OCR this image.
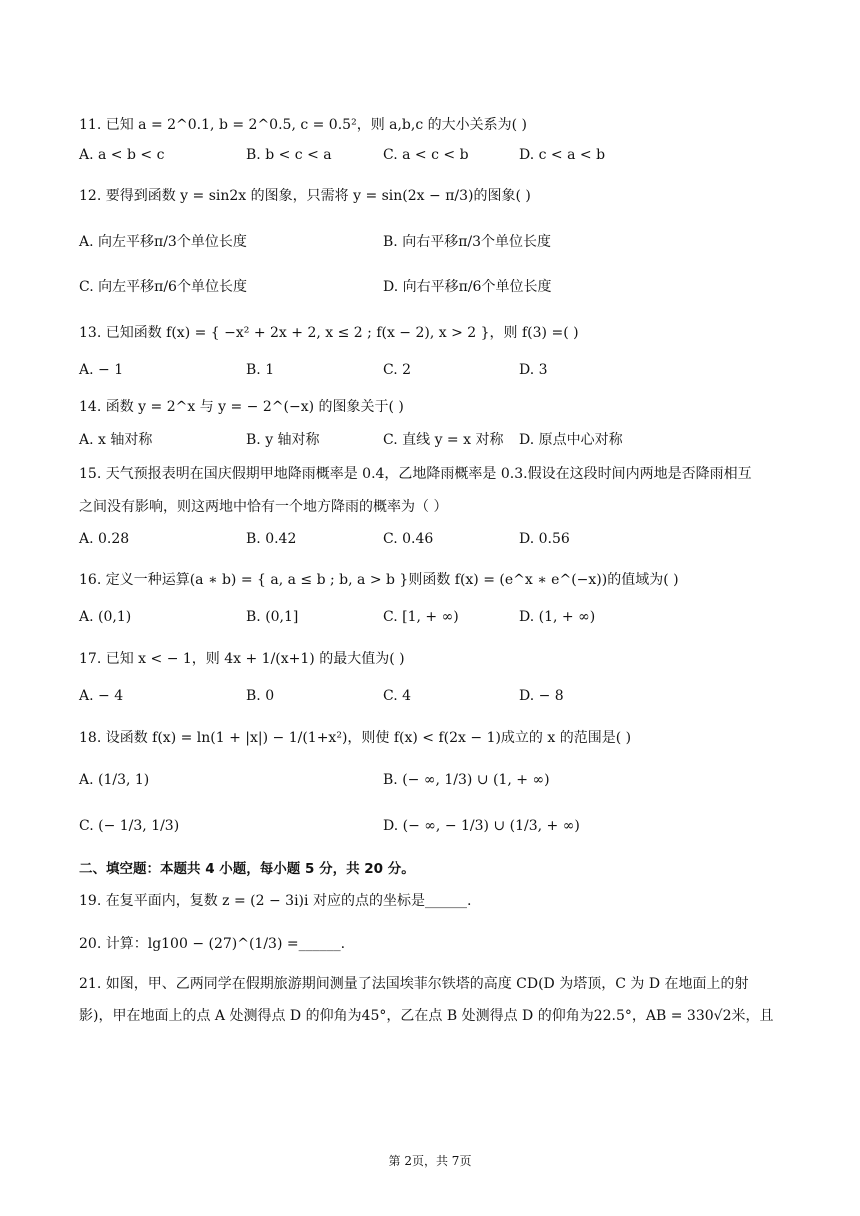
11. 已知 a = 2^0.1, b = 2^0.5, c = 0.5²，则 a,b,c 的大小关系为( )
A. a < b < c	B. b < c < a	C. a < c < b	D. c < a < b
12. 要得到函数 y = sin2x 的图象，只需将 y = sin(2x − π/3)的图象( )
A. 向左平移π/3个单位长度	B. 向右平移π/3个单位长度
C. 向左平移π/6个单位长度	D. 向右平移π/6个单位长度
13. 已知函数 f(x) = { −x² + 2x + 2, x ≤ 2 ; f(x − 2), x > 2 }，则 f(3) =( )
A. − 1	B. 1	C. 2	D. 3
14. 函数 y = 2^x 与 y = − 2^(−x) 的图象关于( )
A. x 轴对称	B. y 轴对称	C. 直线 y = x 对称 D. 原点中心对称
15. 天气预报表明在国庆假期甲地降雨概率是 0.4，乙地降雨概率是 0.3.假设在这段时间内两地是否降雨相互
之间没有影响，则这两地中恰有一个地方降雨的概率为（ ）
A. 0.28	B. 0.42	C. 0.46	D. 0.56
16. 定义一种运算(a ∗ b) = { a, a ≤ b ; b, a > b }则函数 f(x) = (e^x ∗ e^(−x))的值域为( )
A. (0,1)	B. (0,1]	C. [1, + ∞)	D. (1, + ∞)
17. 已知 x < − 1，则 4x + 1/(x+1) 的最大值为( )
A. − 4	B. 0	C. 4	D. − 8
18. 设函数 f(x) = ln(1 + |x|) − 1/(1+x²)，则使 f(x) < f(2x − 1)成立的 x 的范围是( )
A. (1/3, 1)	B. (− ∞, 1/3) ∪ (1, + ∞)
C. (− 1/3, 1/3)	D. (− ∞, − 1/3) ∪ (1/3, + ∞)
二、填空题：本题共 4 小题，每小题 5 分，共 20 分。
19. 在复平面内，复数 z = (2 − 3i)i 对应的点的坐标是______.
20. 计算：lg100 − (27)^(1/3) =______.
21. 如图，甲、乙两同学在假期旅游期间测量了法国埃菲尔铁塔的高度 CD(D 为塔顶，C 为 D 在地面上的射
影)，甲在地面上的点 A 处测得点 D 的仰角为45°，乙在点 B 处测得点 D 的仰角为22.5°，AB = 330√2米，且
第 2页，共 7页
